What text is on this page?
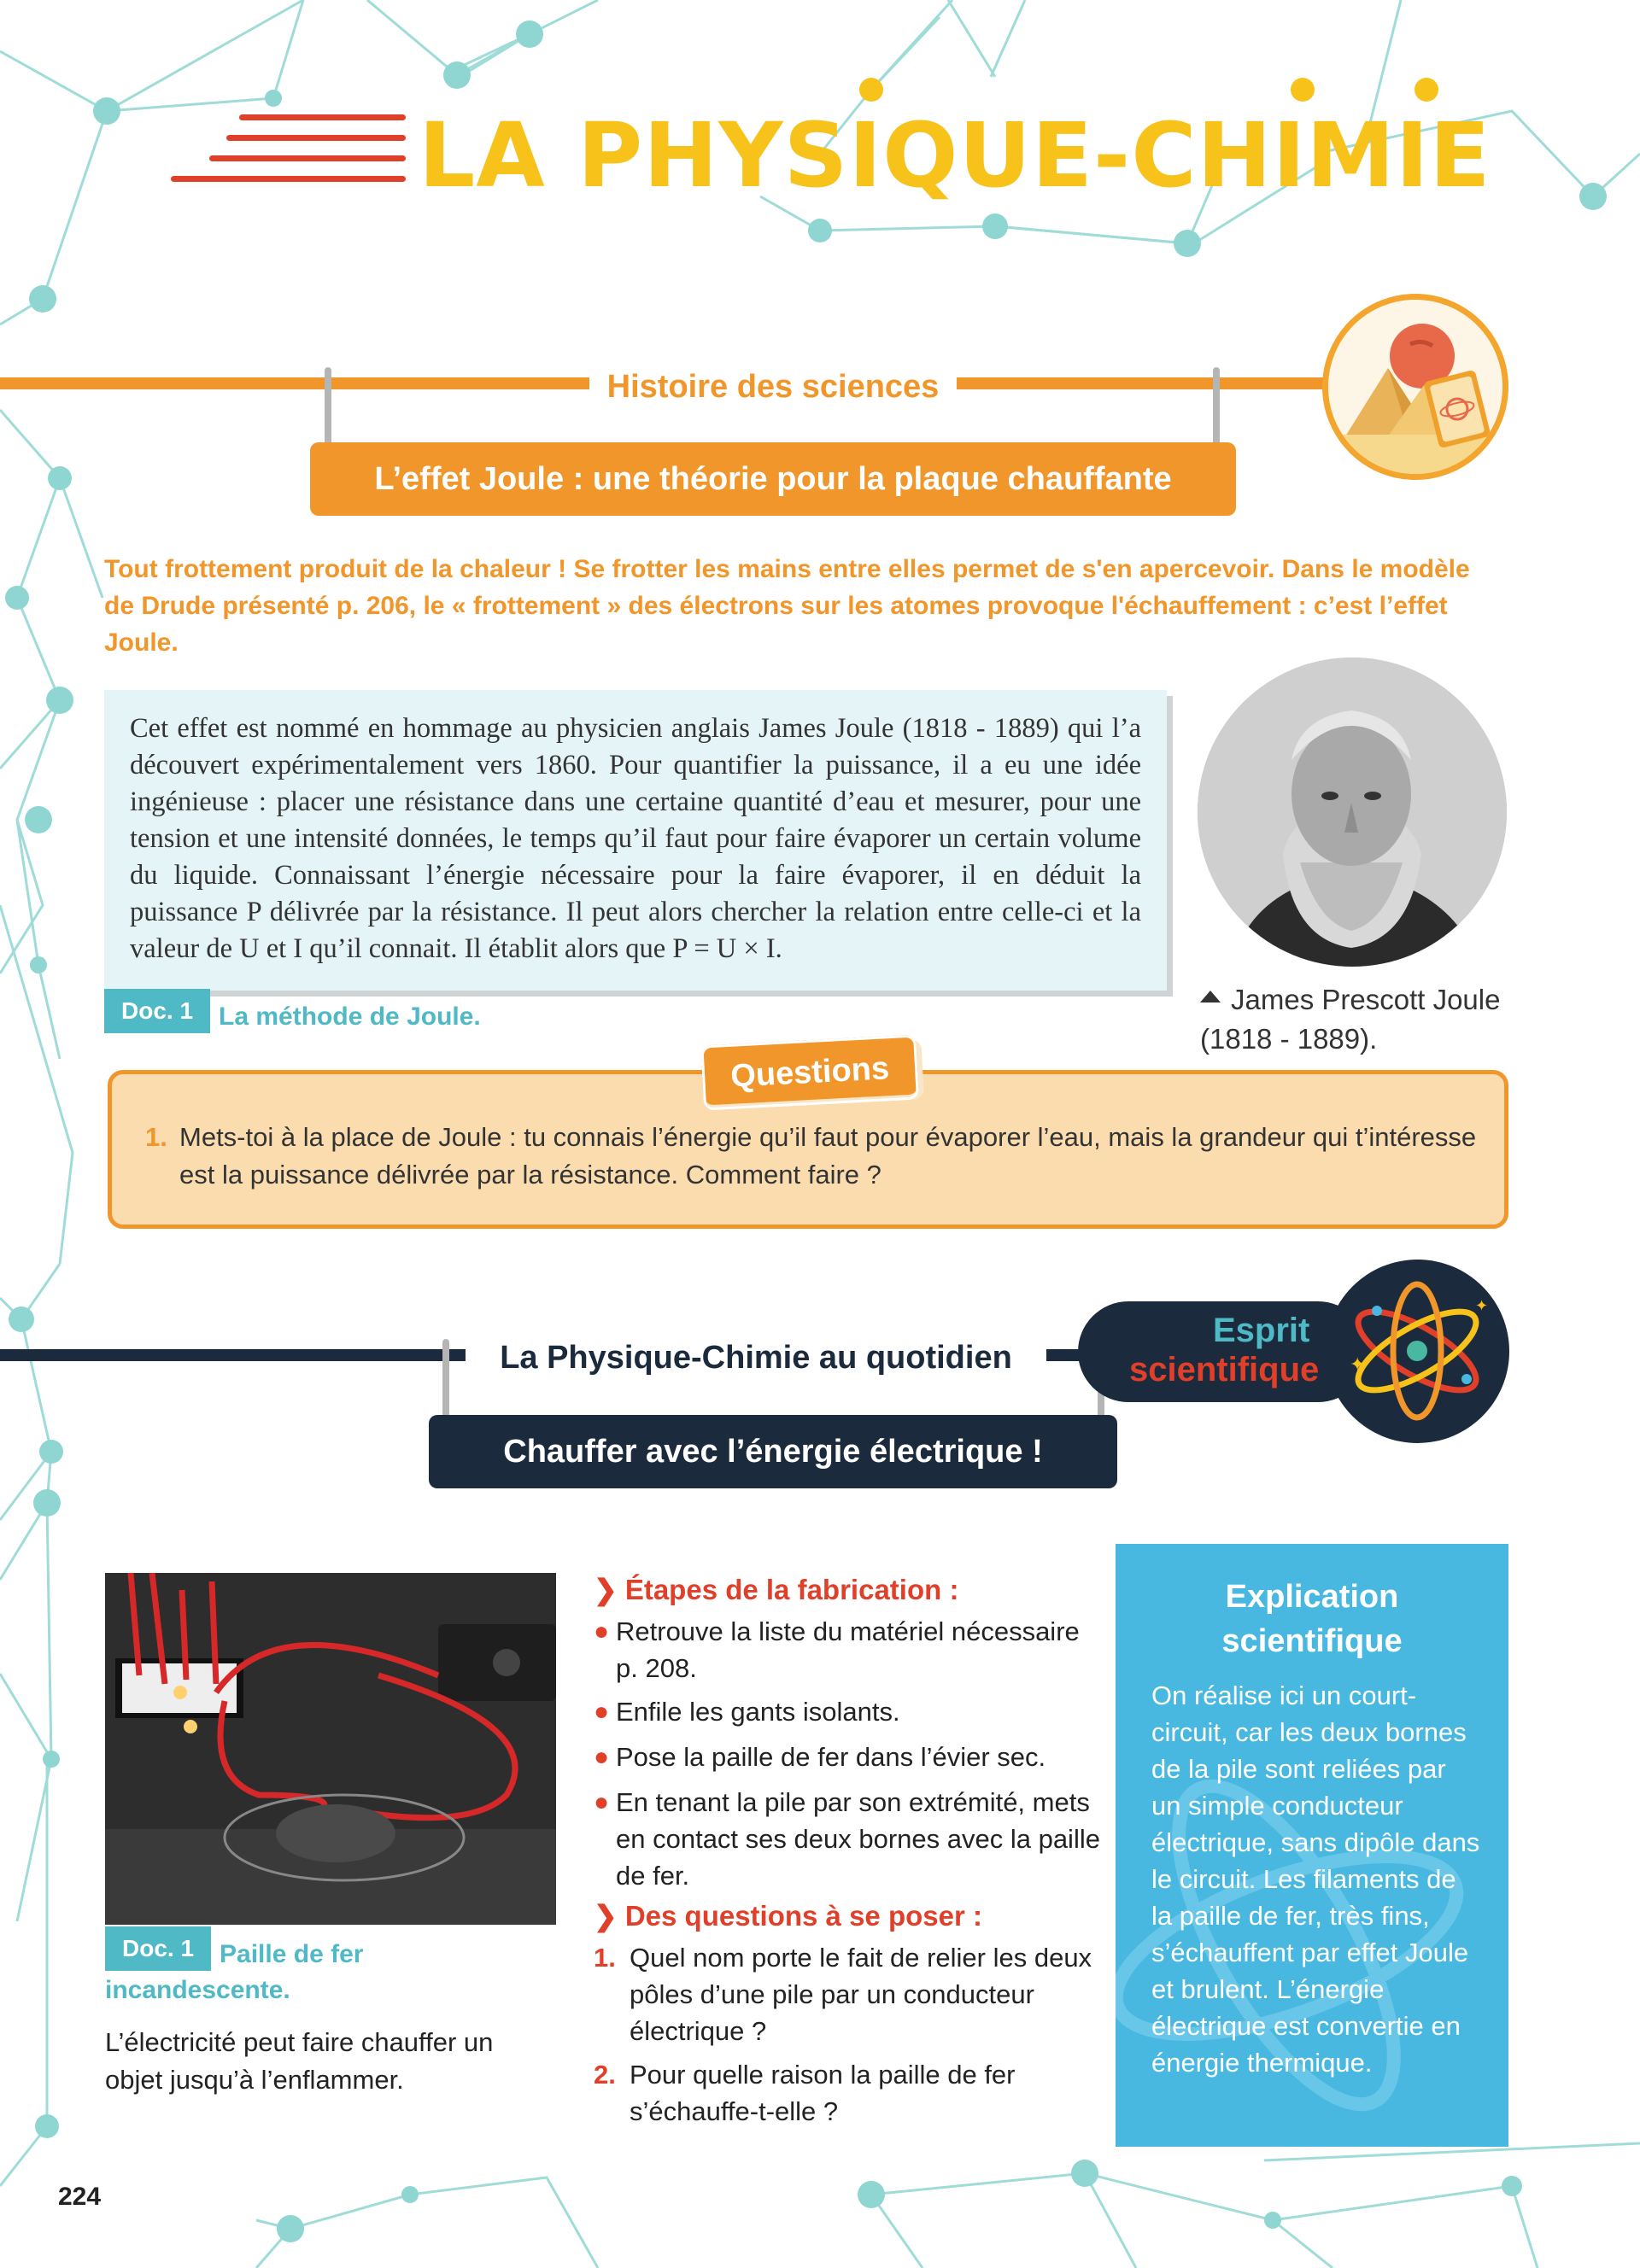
LA PHYSIQUE-CHIMIE
Histoire des sciences
L’effet Joule : une théorie pour la plaque chauffante
Tout frottement produit de la chaleur ! Se frotter les mains entre elles permet de s'en apercevoir. Dans le modèle de Drude présenté p. 206, le « frottement » des électrons sur les atomes provoque l'échauffement : c’est l’effet Joule.
Cet effet est nommé en hommage au physicien anglais James Joule (1818 - 1889) qui l’a découvert expérimentalement vers 1860. Pour quantifier la puissance, il a eu une idée ingénieuse : placer une résistance dans une certaine quantité d’eau et mesurer, pour une tension et une intensité données, le temps qu’il faut pour faire évaporer un certain volume du liquide. Connaissant l’énergie nécessaire pour la faire évaporer, il en déduit la puissance P délivrée par la résistance. Il peut alors chercher la relation entre celle-ci et la valeur de U et I qu’il connait. Il établit alors que P = U × I.
Doc. 1	La méthode de Joule.
James Prescott Joule
(1818 - 1889).
Questions
1. Mets-toi à la place de Joule : tu connais l’énergie qu’il faut pour évaporer l’eau, mais la grandeur qui t’intéresse est la puissance délivrée par la résistance. Comment faire ?
La Physique-Chimie au quotidien
Chauffer avec l’énergie électrique !
✦
✦
Esprit
scientifique
Doc. 1	Paille de fer
incandescente.
L’électricité peut faire chauffer un objet jusqu’à l’enflammer.
❯ Étapes de la fabrication :
● Retrouve la liste du matériel nécessaire p. 208.
● Enfile les gants isolants.
● Pose la paille de fer dans l’évier sec.
● En tenant la pile par son extrémité, mets en contact ses deux bornes avec la paille de fer.
❯ Des questions à se poser :
1. Quel nom porte le fait de relier les deux pôles d’une pile par un conducteur électrique ?
2. Pour quelle raison la paille de fer s’échauffe-t-elle ?
Explication
scientifique
On réalise ici un court-circuit, car les deux bornes de la pile sont reliées par un simple conducteur électrique, sans dipôle dans le circuit. Les filaments de la paille de fer, très fins, s’échauffent par effet Joule et brulent. L’énergie électrique est convertie en énergie thermique.
224
